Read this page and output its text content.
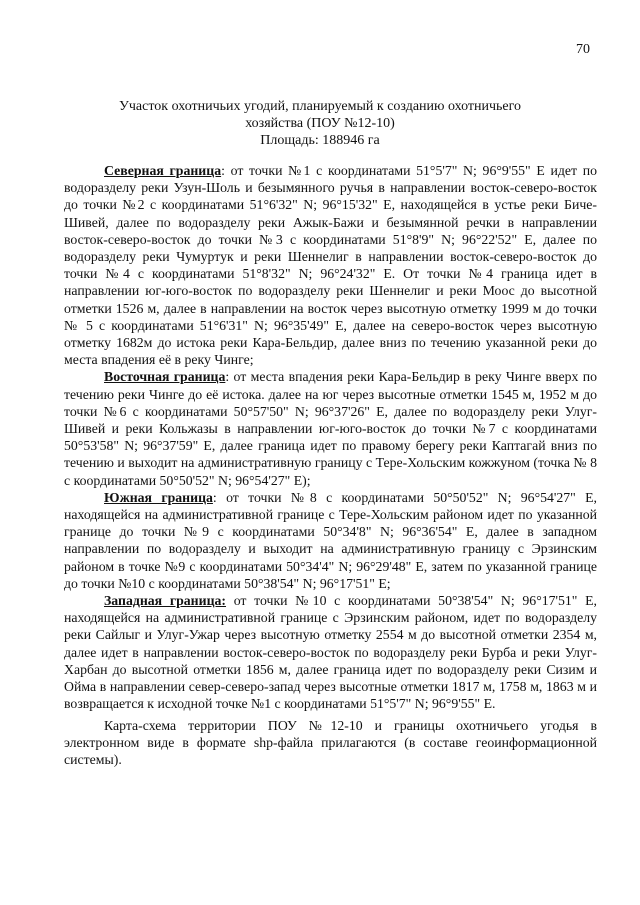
70
Участок охотничьих угодий, планируемый к созданию охотничьего
хозяйства (ПОУ №12-10)
Площадь: 188946 га

Северная граница: от точки №1 с координатами 51°5'7" N; 96°9'55" E идет по водоразделу реки Узун-Шоль и безымянного ручья в направлении восток-северо-восток до точки №2 с координатами 51°6'32" N; 96°15'32" E, находящейся в устье реки Биче-Шивей, далее по водоразделу реки Ажык-Бажи и безымянной речки в направлении восток-северо-восток до точки №3 с координатами 51°8'9" N; 96°22'52" E, далее по водоразделу реки Чумуртук и реки Шеннелиг в направлении восток-северо-восток до точки №4 с координатами 51°8'32" N; 96°24'32" E. От точки №4 граница идет в направлении юг-юго-восток по водоразделу реки Шеннелиг и реки Моос до высотной отметки 1526 м, далее в направлении на восток через высотную отметку 1999 м до точки № 5 с координатами 51°6'31" N; 96°35'49" E, далее на северо-восток через высотную отметку 1682м до истока реки Кара-Бельдир, далее вниз по течению указанной реки до места впадения её в реку Чинге;

Восточная граница: от места впадения реки Кара-Бельдир в реку Чинге вверх по течению реки Чинге до её истока. далее на юг через высотные отметки 1545 м, 1952 м до точки №6 с координатами 50°57'50" N; 96°37'26" E, далее по водоразделу реки Улуг-Шивей и реки Кольжазы в направлении юг-юго-восток до точки №7 с координатами 50°53'58" N; 96°37'59" E, далее граница идет по правому берегу реки Каптагай вниз по течению и выходит на административную границу с Тере-Хольским кожжуном (точка № 8 с координатами 50°50'52" N; 96°54'27" E);

Южная граница: от точки №8 с координатами 50°50'52" N; 96°54'27" E, находящейся на административной границе с Тере-Хольским районом идет по указанной границе до точки №9 с координатами 50°34'8" N; 96°36'54" E, далее в западном направлении по водоразделу и выходит на административную границу с Эрзинским районом в точке №9 с координатами 50°34'4" N; 96°29'48" E, затем по указанной границе до точки №10 с координатами 50°38'54" N; 96°17'51" E;

Западная граница: от точки №10 с координатами 50°38'54" N; 96°17'51" E, находящейся на административной границе с Эрзинским районом, идет по водоразделу реки Сайлыг и Улуг-Ужар через высотную отметку 2554 м до высотной отметки 2354 м, далее идет в направлении восток-северо-восток по водоразделу реки Бурба и реки Улуг-Харбан до высотной отметки 1856 м, далее граница идет по водоразделу реки Сизим и Ойма в направлении север-северо-запад через высотные отметки 1817 м, 1758 м, 1863 м и возвращается к исходной точке №1 с координатами 51°5'7" N; 96°9'55" E.

Карта-схема территории ПОУ №12-10 и границы охотничьего угодья в электронном виде в формате shp-файла прилагаются (в составе геоинформационной системы).
